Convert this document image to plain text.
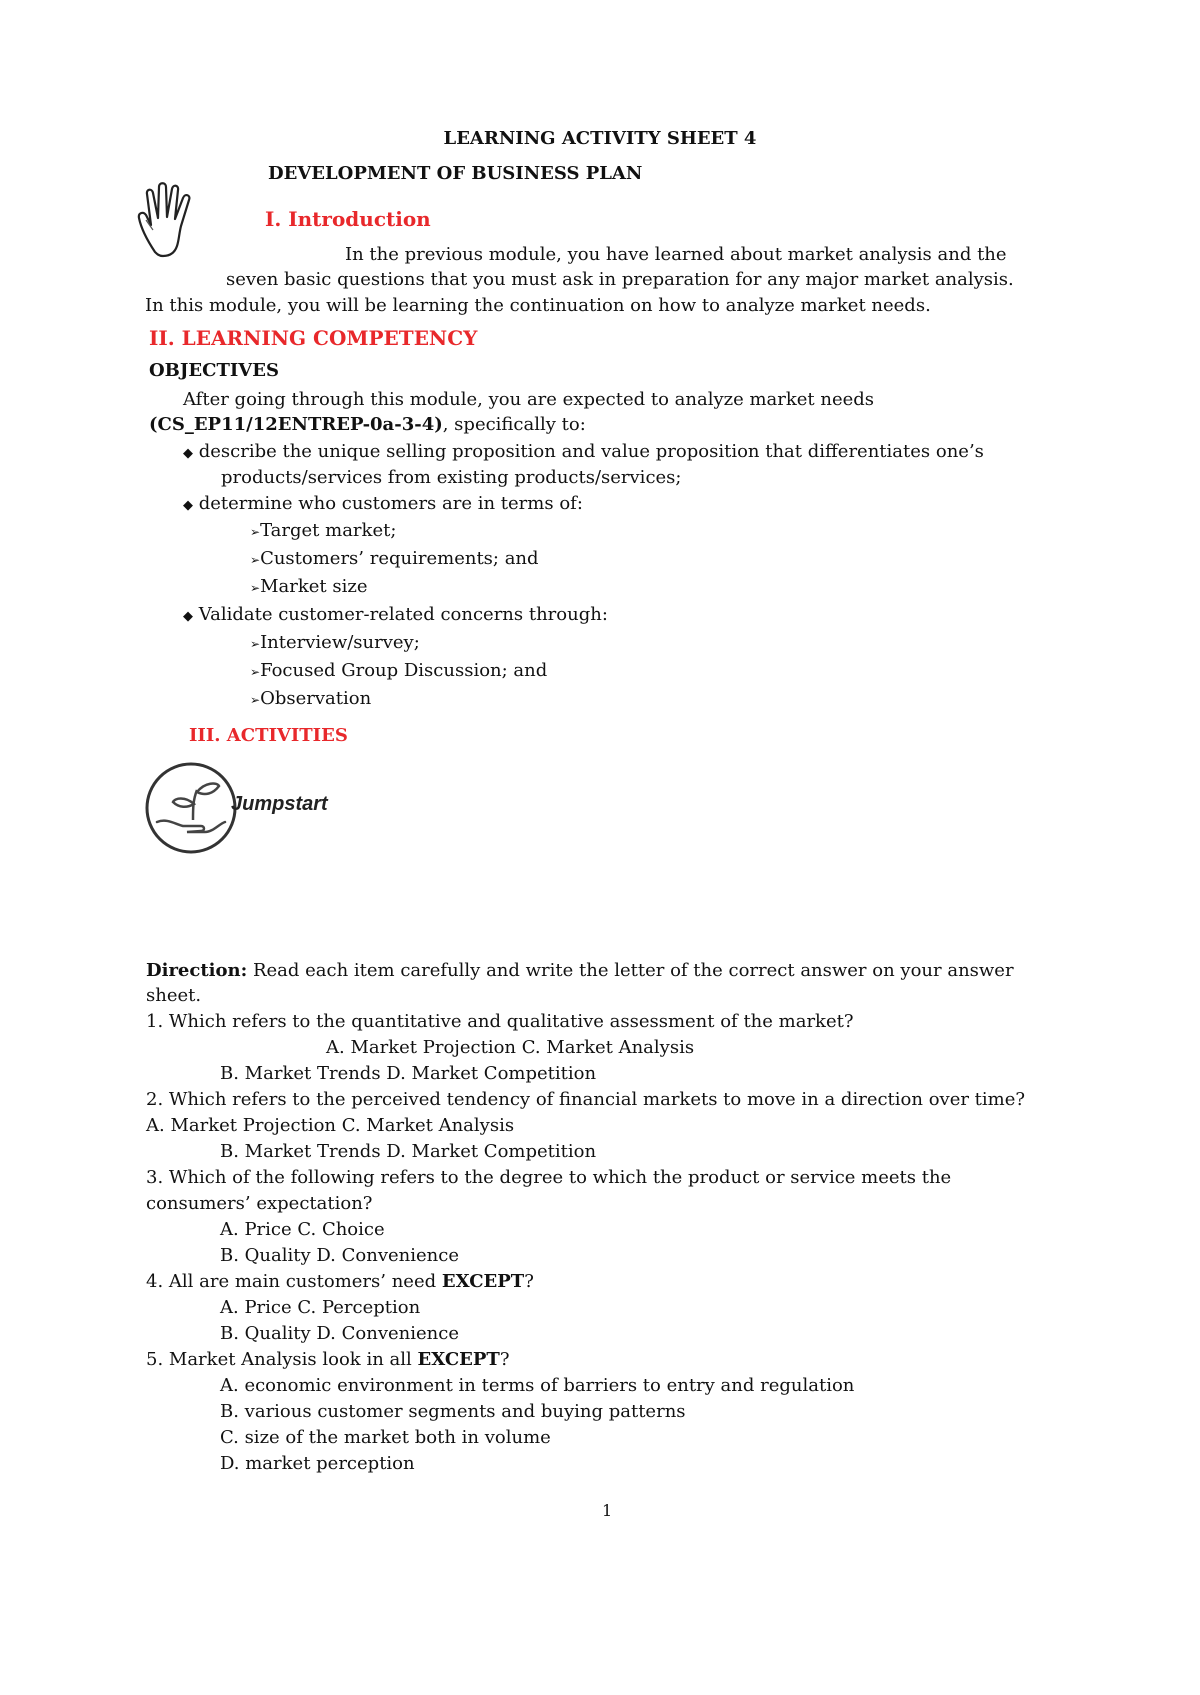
LEARNING ACTIVITY SHEET 4
DEVELOPMENT OF BUSINESS PLAN
I. Introduction
In the previous module, you have learned about market analysis and the
seven basic questions that you must ask in preparation for any major market analysis.
In this module, you will be learning the continuation on how to analyze market needs.
II. LEARNING COMPETENCY
OBJECTIVES
After going through this module, you are expected to analyze market needs
(CS_EP11/12ENTREP-0a-3-4), specifically to:
◆ describe the unique selling proposition and value proposition that differentiates one’s
products/services from existing products/services;
◆ determine who customers are in terms of:
➢Target market;
➢Customers’ requirements; and
➢Market size
◆ Validate customer-related concerns through:
➢Interview/survey;
➢Focused Group Discussion; and
➢Observation
III. ACTIVITIES
Jumpstart
Direction: Read each item carefully and write the letter of the correct answer on your answer
sheet.
1. Which refers to the quantitative and qualitative assessment of the market?
A. Market Projection C. Market Analysis
B. Market Trends D. Market Competition
2. Which refers to the perceived tendency of financial markets to move in a direction over time?
A. Market Projection C. Market Analysis
B. Market Trends D. Market Competition
3. Which of the following refers to the degree to which the product or service meets the
consumers’ expectation?
A. Price C. Choice
B. Quality D. Convenience
4. All are main customers’ need EXCEPT?
A. Price C. Perception
B. Quality D. Convenience
5. Market Analysis look in all EXCEPT?
A. economic environment in terms of barriers to entry and regulation
B. various customer segments and buying patterns
C. size of the market both in volume
D. market perception
1
